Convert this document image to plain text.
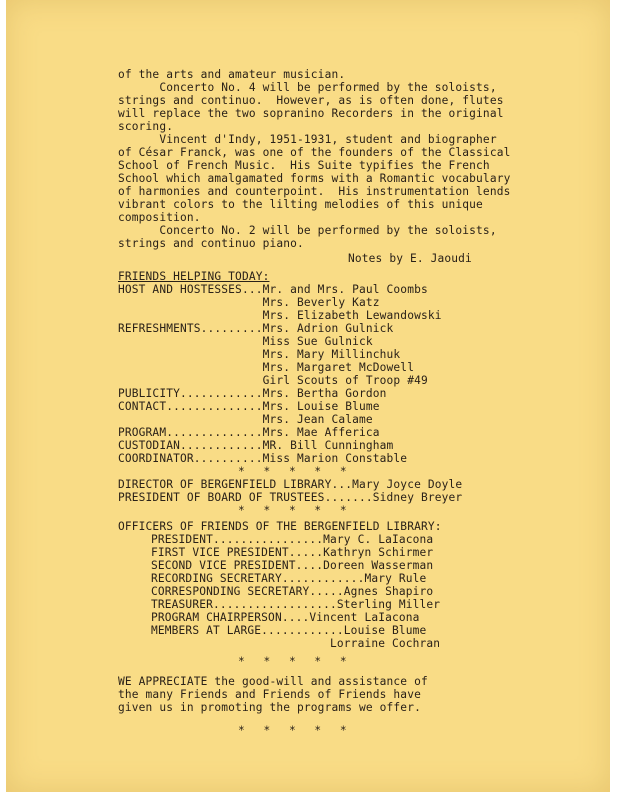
of the arts and amateur musician.
Concerto No. 4 will be performed by the soloists,
strings and continuo.  However, as is often done, flutes
will replace the two sopranino Recorders in the original
scoring.
Vincent d'Indy, 1951-1931, student and biographer
of César Franck, was one of the founders of the Classical
School of French Music.  His Suite typifies the French
School which amalgamated forms with a Romantic vocabulary
of harmonies and counterpoint.  His instrumentation lends
vibrant colors to the lilting melodies of this unique
composition.
Concerto No. 2 will be performed by the soloists,
strings and continuo piano.
Notes by E. Jaoudi
FRIENDS HELPING TODAY:
HOST AND HOSTESSES...Mr. and Mrs. Paul Coombs
Mrs. Beverly Katz
Mrs. Elizabeth Lewandowski
REFRESHMENTS.........Mrs. Adrion Gulnick
Miss Sue Gulnick
Mrs. Mary Millinchuk
Mrs. Margaret McDowell
Girl Scouts of Troop #49
PUBLICITY............Mrs. Bertha Gordon
CONTACT..............Mrs. Louise Blume
Mrs. Jean Calame
PROGRAM..............Mrs. Mae Afferica
CUSTODIAN............MR. Bill Cunningham
COORDINATOR..........Miss Marion Constable
* * * * *
DIRECTOR OF BERGENFIELD LIBRARY...Mary Joyce Doyle
PRESIDENT OF BOARD OF TRUSTEES.......Sidney Breyer
* * * * *
OFFICERS OF FRIENDS OF THE BERGENFIELD LIBRARY:
PRESIDENT................Mary C. LaIacona
FIRST VICE PRESIDENT.....Kathryn Schirmer
SECOND VICE PRESIDENT....Doreen Wasserman
RECORDING SECRETARY............Mary Rule
CORRESPONDING SECRETARY.....Agnes Shapiro
TREASURER..................Sterling Miller
PROGRAM CHAIRPERSON....Vincent LaIacona
MEMBERS AT LARGE............Louise Blume
Lorraine Cochran
* * * * *
WE APPRECIATE the good-will and assistance of
the many Friends and Friends of Friends have
given us in promoting the programs we offer.
* * * * *
